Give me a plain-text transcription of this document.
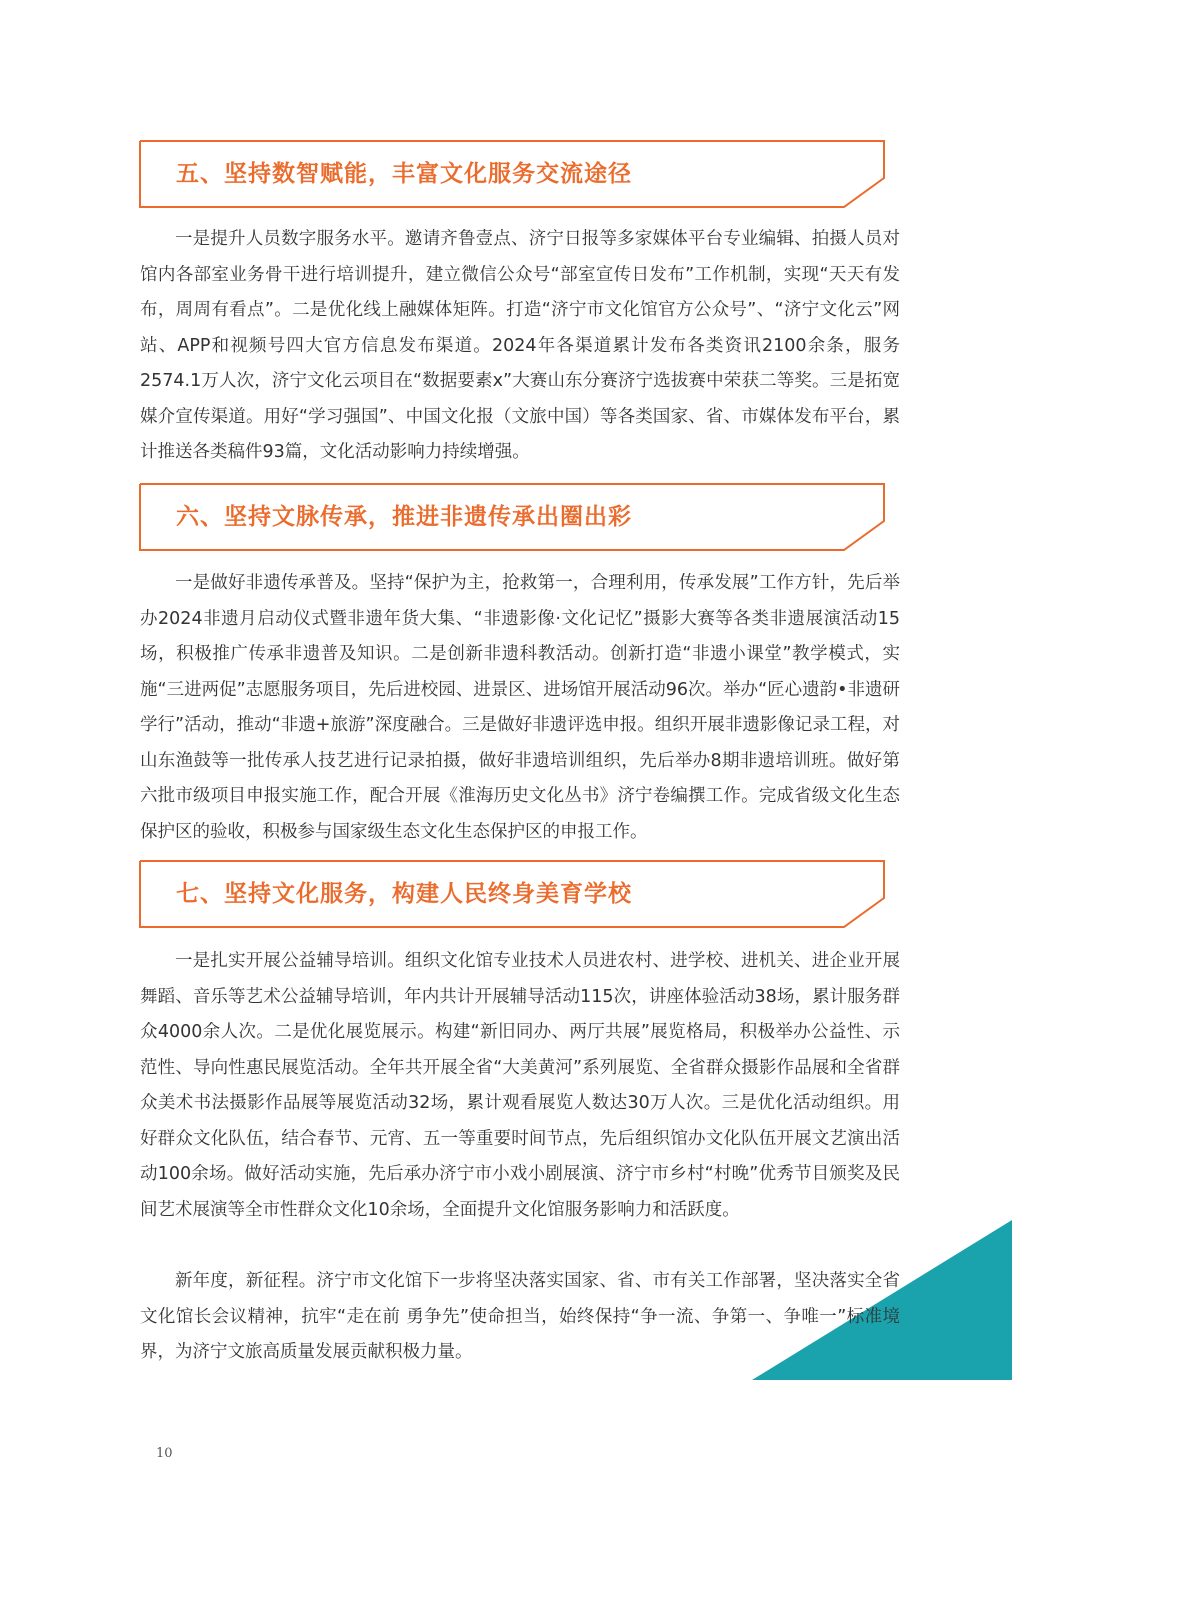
五、坚持数智赋能，丰富文化服务交流途径

一是提升人员数字服务水平。邀请齐鲁壹点、济宁日报等多家媒体平台专业编辑、拍摄人员对馆内各部室业务骨干进行培训提升，建立微信公众号“部室宣传日发布”工作机制，实现“天天有发布，周周有看点”。二是优化线上融媒体矩阵。打造“济宁市文化馆官方公众号”、“济宁文化云”网站、APP和视频号四大官方信息发布渠道。2024年各渠道累计发布各类资讯2100余条，服务2574.1万人次，济宁文化云项目在“数据要素x”大赛山东分赛济宁选拔赛中荣获二等奖。三是拓宽媒介宣传渠道。用好“学习强国”、中国文化报（文旅中国）等各类国家、省、市媒体发布平台，累计推送各类稿件93篇，文化活动影响力持续增强。

六、坚持文脉传承，推进非遗传承出圈出彩

一是做好非遗传承普及。坚持“保护为主，抢救第一，合理利用，传承发展”工作方针，先后举办2024非遗月启动仪式暨非遗年货大集、“非遗影像·文化记忆”摄影大赛等各类非遗展演活动15场，积极推广传承非遗普及知识。二是创新非遗科教活动。创新打造“非遗小课堂”教学模式，实施“三进两促”志愿服务项目，先后进校园、进景区、进场馆开展活动96次。举办“匠心遗韵•非遗研学行”活动，推动“非遗+旅游”深度融合。三是做好非遗评选申报。组织开展非遗影像记录工程，对山东渔鼓等一批传承人技艺进行记录拍摄，做好非遗培训组织，先后举办8期非遗培训班。做好第六批市级项目申报实施工作，配合开展《淮海历史文化丛书》济宁卷编撰工作。完成省级文化生态保护区的验收，积极参与国家级生态文化生态保护区的申报工作。

七、坚持文化服务，构建人民终身美育学校

一是扎实开展公益辅导培训。组织文化馆专业技术人员进农村、进学校、进机关、进企业开展舞蹈、音乐等艺术公益辅导培训，年内共计开展辅导活动115次，讲座体验活动38场，累计服务群众4000余人次。二是优化展览展示。构建“新旧同办、两厅共展”展览格局，积极举办公益性、示范性、导向性惠民展览活动。全年共开展全省“大美黄河”系列展览、全省群众摄影作品展和全省群众美术书法摄影作品展等展览活动32场，累计观看展览人数达30万人次。三是优化活动组织。用好群众文化队伍，结合春节、元宵、五一等重要时间节点，先后组织馆办文化队伍开展文艺演出活动100余场。做好活动实施，先后承办济宁市小戏小剧展演、济宁市乡村“村晚”优秀节目颁奖及民间艺术展演等全市性群众文化10余场，全面提升文化馆服务影响力和活跃度。

新年度，新征程。济宁市文化馆下一步将坚决落实国家、省、市有关工作部署，坚决落实全省文化馆长会议精神，抗牢“走在前 勇争先”使命担当，始终保持“争一流、争第一、争唯一”标准境界，为济宁文旅高质量发展贡献积极力量。

10
